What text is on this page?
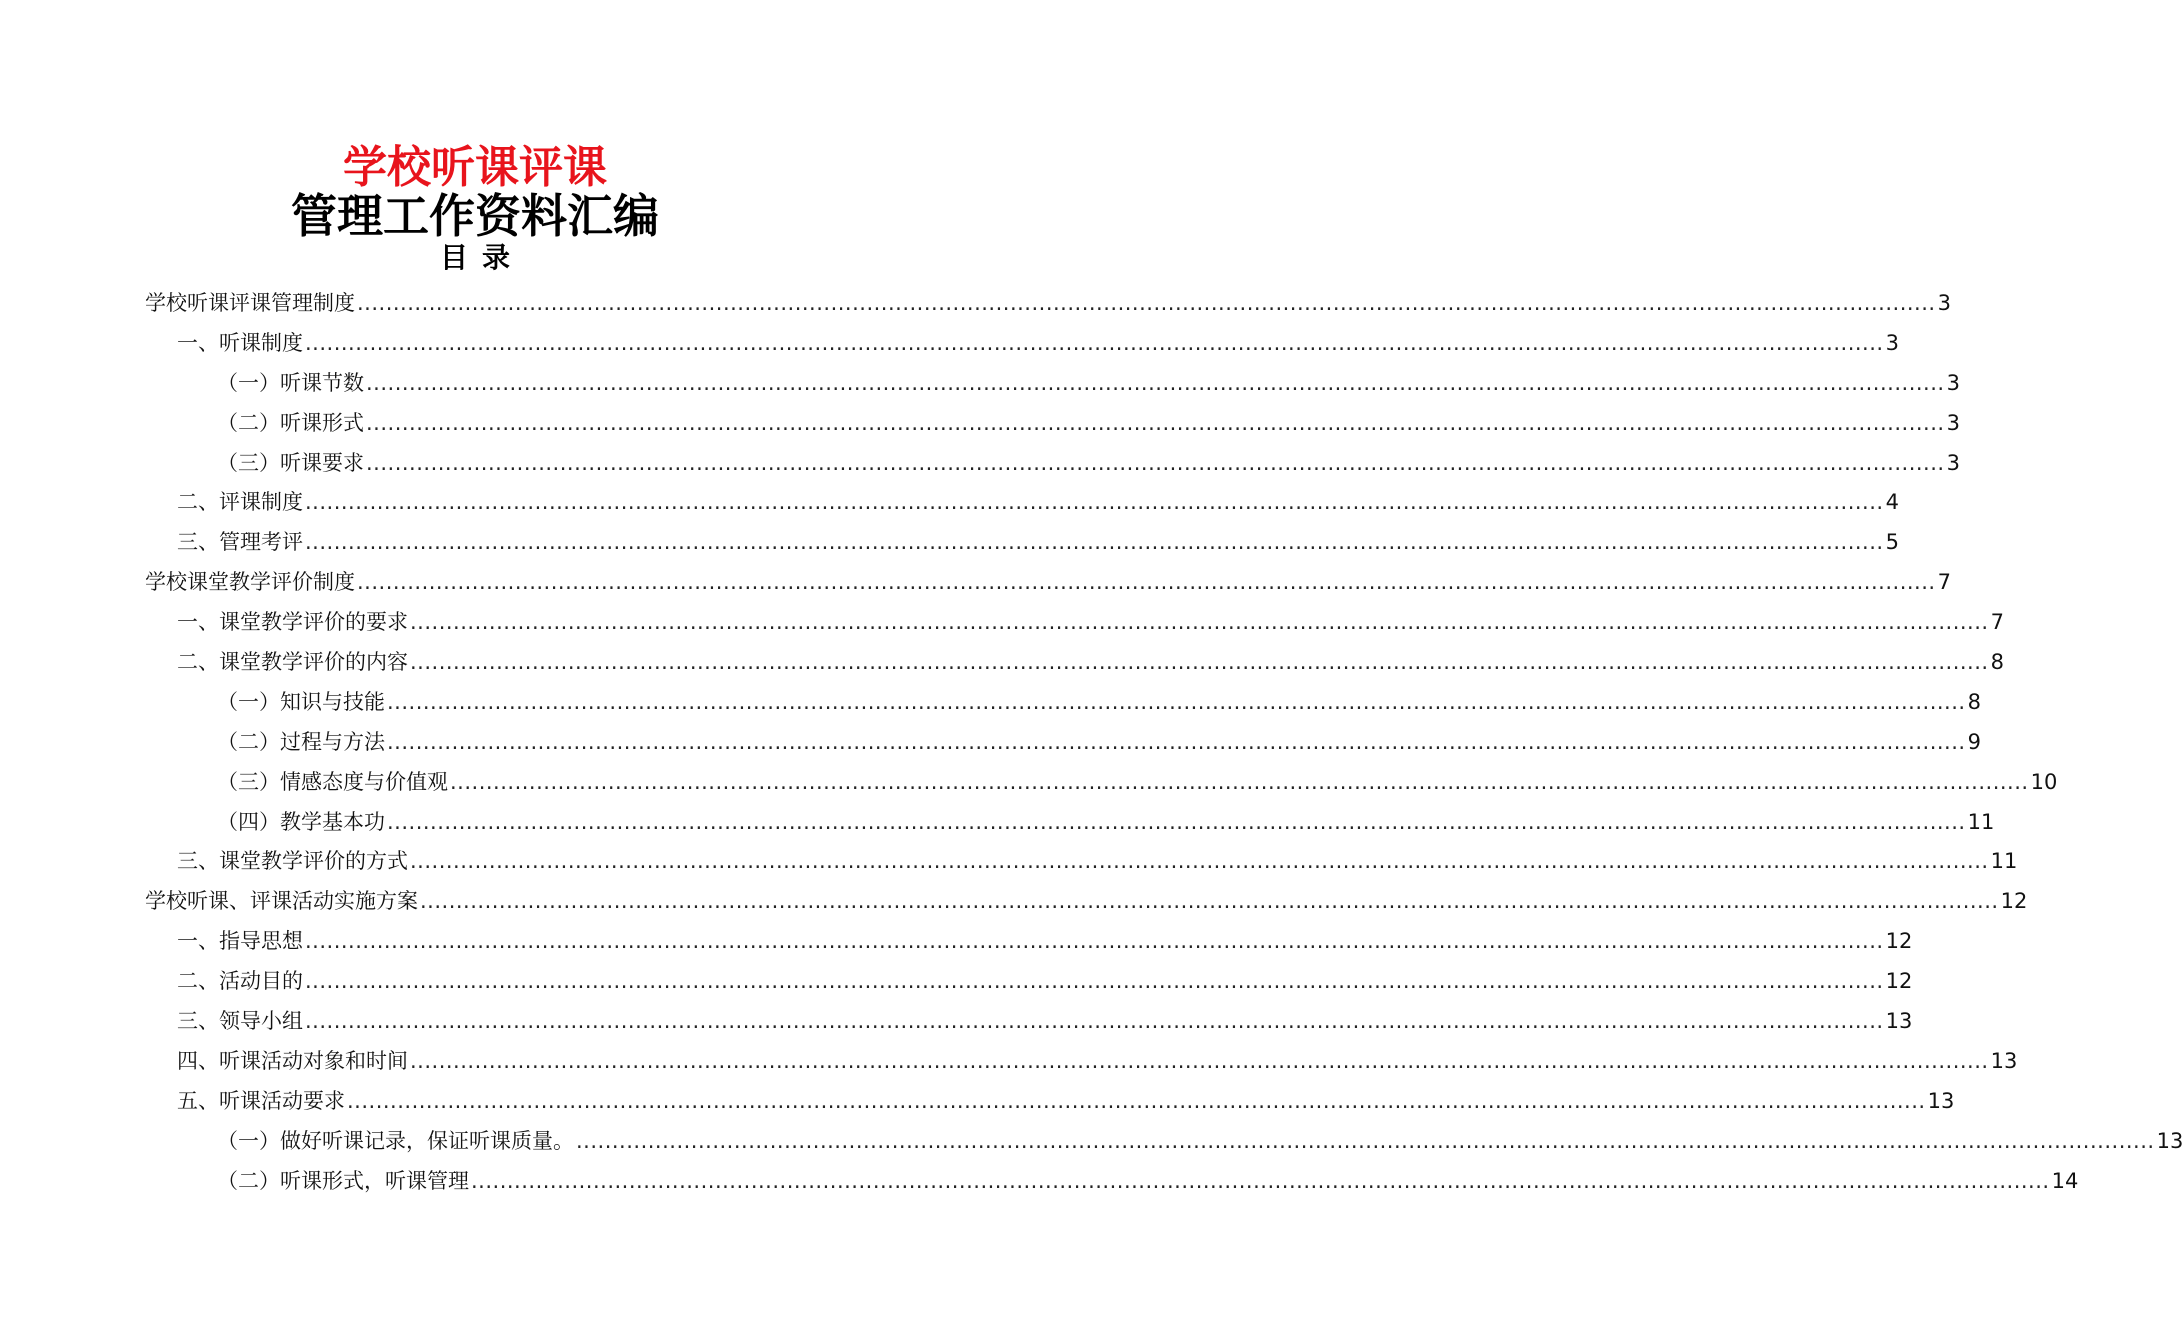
学校听课评课
管理工作资料汇编
目录
学校听课评课管理制度 ............................................................................................................................................................................................................................ 3
一、听课制度 ............................................................................................................................................................................................................................ 3
（一）听课节数 ............................................................................................................................................................................................................................ 3
（二）听课形式 ............................................................................................................................................................................................................................ 3
（三）听课要求 ............................................................................................................................................................................................................................ 3
二、评课制度 ............................................................................................................................................................................................................................ 4
三、管理考评 ............................................................................................................................................................................................................................ 5
学校课堂教学评价制度 ............................................................................................................................................................................................................................ 7
一、课堂教学评价的要求 ............................................................................................................................................................................................................................ 7
二、课堂教学评价的内容 ............................................................................................................................................................................................................................ 8
（一）知识与技能 ............................................................................................................................................................................................................................ 8
（二）过程与方法 ............................................................................................................................................................................................................................ 9
（三）情感态度与价值观 ............................................................................................................................................................................................................................ 10
（四）教学基本功 ............................................................................................................................................................................................................................ 11
三、课堂教学评价的方式 ............................................................................................................................................................................................................................ 11
学校听课、评课活动实施方案 ............................................................................................................................................................................................................................ 12
一、指导思想 ............................................................................................................................................................................................................................ 12
二、活动目的 ............................................................................................................................................................................................................................ 12
三、领导小组 ............................................................................................................................................................................................................................ 13
四、听课活动对象和时间 ............................................................................................................................................................................................................................ 13
五、听课活动要求 ............................................................................................................................................................................................................................ 13
（一）做好听课记录，保证听课质量。 ............................................................................................................................................................................................................................ 13
（二）听课形式，听课管理 ............................................................................................................................................................................................................................ 14
